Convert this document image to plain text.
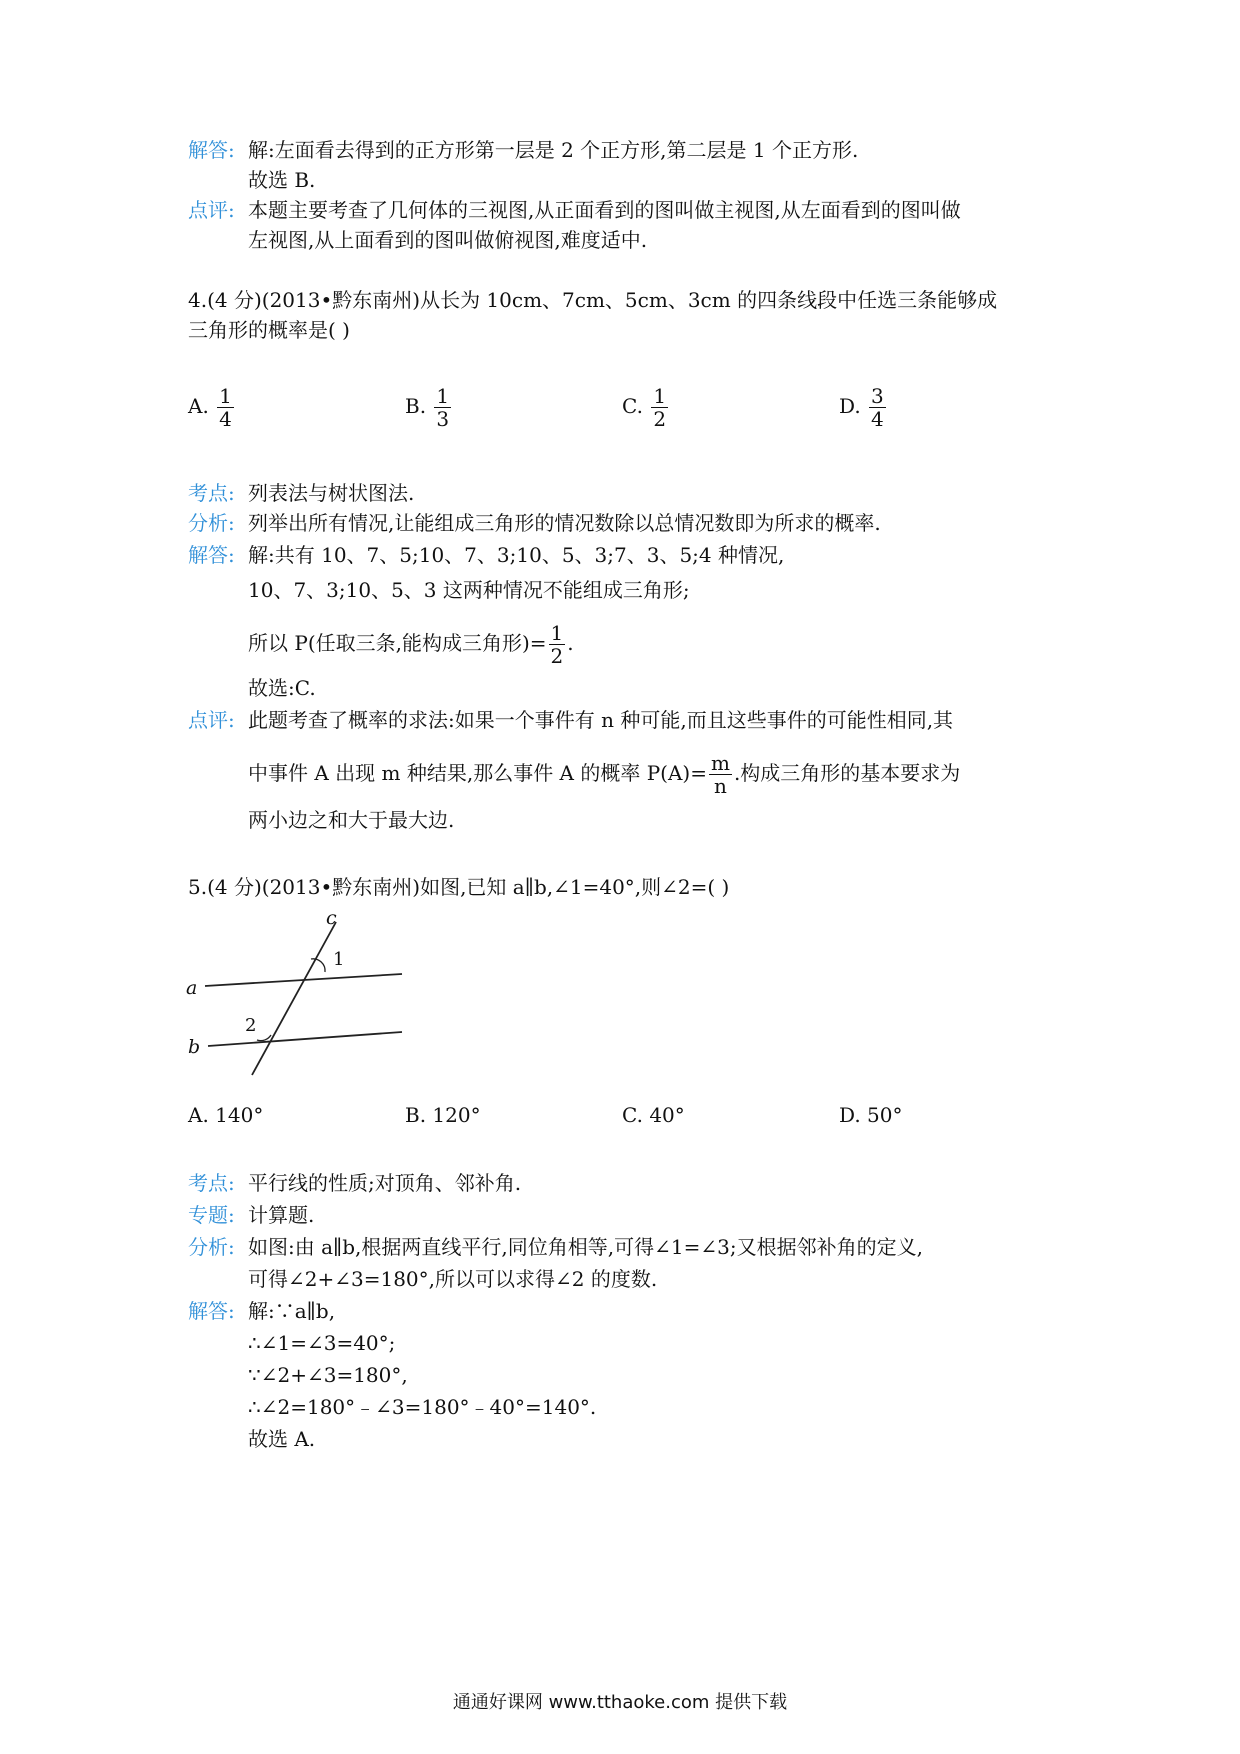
解答: 解:左面看去得到的正方形第一层是 2 个正方形,第二层是 1 个正方形.
故选 B.
点评: 本题主要考查了几何体的三视图,从正面看到的图叫做主视图,从左面看到的图叫做
左视图,从上面看到的图叫做俯视图,难度适中.
4.(4 分)(2013•黔东南州)从长为 10cm、7cm、5cm、3cm 的四条线段中任选三条能够成
三角形的概率是( )
A. $\frac{1}{4}$	B. $\frac{1}{3}$	C. $\frac{1}{2}$	D. $\frac{3}{4}$
考点: 列表法与树状图法.
分析: 列举出所有情况,让能组成三角形的情况数除以总情况数即为所求的概率.
解答: 解:共有 10、7、5;10、7、3;10、5、3;7、3、5;4 种情况,
10、7、3;10、5、3 这两种情况不能组成三角形;
所以 P(任取三条,能构成三角形)= $\frac{1}{2}$ .
故选:C.
点评: 此题考查了概率的求法:如果一个事件有 n 种可能,而且这些事件的可能性相同,其
中事件 A 出现 m 种结果,那么事件 A 的概率 $P(A)= \frac{m}{n}$ .构成三角形的基本要求为
两小边之和大于最大边.
5.(4 分)(2013•黔东南州)如图,已知 a∥b,∠1=40°,则∠2=( )
c
a
b
1
2
A. 140°	B. 120°	C. 40°	D. 50°
考点: 平行线的性质;对顶角、邻补角.
专题: 计算题.
分析: 如图:由 a∥b,根据两直线平行,同位角相等,可得∠1=∠3;又根据邻补角的定义,
可得∠2+∠3=180°,所以可以求得∠2 的度数.
解答: 解:∵a∥b,
∴∠1=∠3=40°;
∵∠2+∠3=180°,
∴∠2=180°﹣∠3=180°﹣40°=140°.
故选 A.
通通好课网 www.tthaoke.com 提供下载
